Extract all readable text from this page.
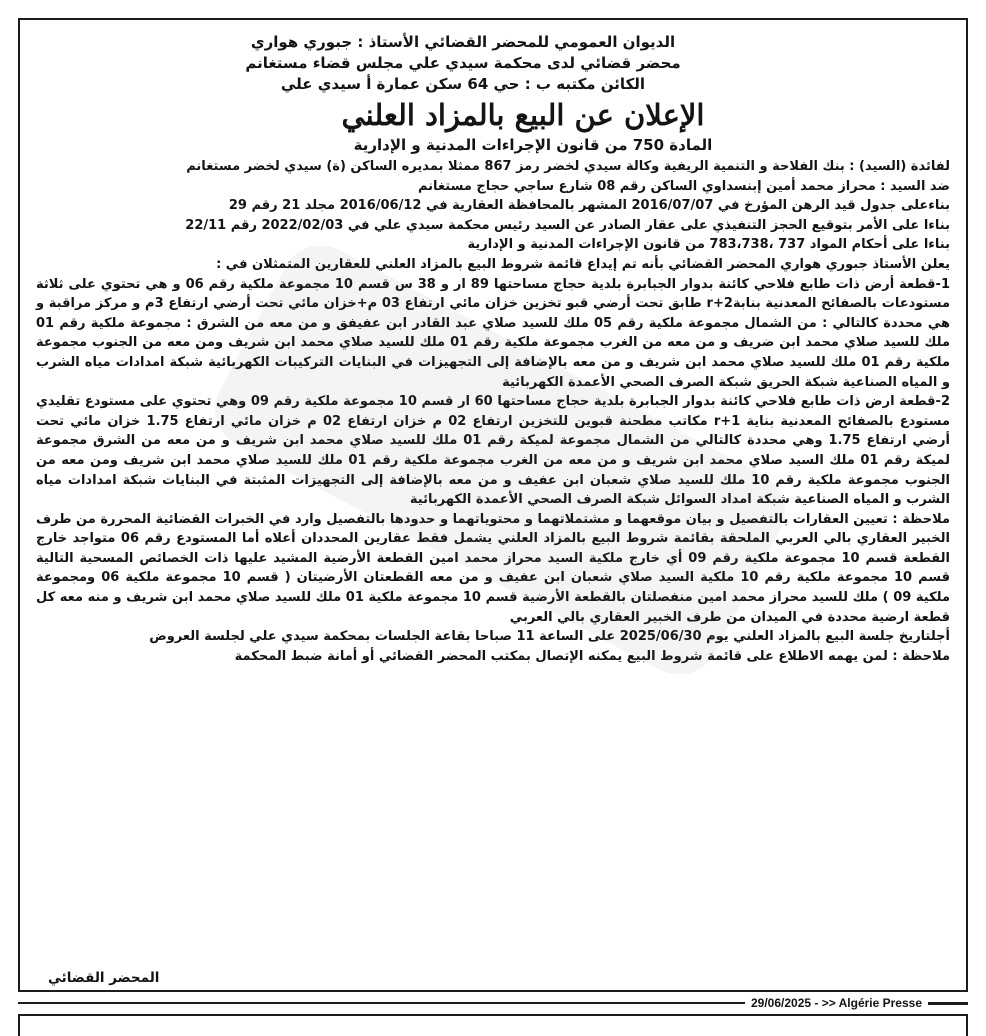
الديوان العمومي للمحضر القضائي الأستاذ : جبوري هواري
محضر قضائي لدى محكمة سيدي علي مجلس قضاء مستغانم
الكائن مكتبه ب : حي 64 سكن عمارة أ سيدي علي
الإعلان عن البيع بالمزاد العلني
المادة 750 من قانون الإجراءات المدنية و الإدارية

لفائدة (السيد) : بنك الفلاحة و التنمية الريفية وكالة سيدي لخضر رمز 867 ممثلا بمديره الساكن (ة) سيدي لخضر مستغانم

ضد السيد : محراز محمد أمين إبنسداوي الساكن رقم 08 شارع ساجي حجاج مستغانم

بناءعلى جدول قيد الرهن المؤرخ في 2016/07/07 المشهر بالمحافظة العقارية في 2016/06/12 مجلد 21 رقم 29

بناءا على الأمر بتوقيع الحجز التنفيذي على عقار الصادر عن السيد رئيس محكمة سيدي علي في 2022/02/03 رقم 22/11

بناءا على أحكام المواد 737 ،783،738 من قانون الإجراءات المدنية و الإدارية

يعلن الأستاذ جبوري هواري المحضر القضائي بأنه تم إيداع قائمة شروط البيع بالمزاد العلني للعقارين المتمثلان في :

1-قطعة أرض ذات طابع فلاحي كائنة بدوار الجبابرة بلدية حجاج مساحتها 89 ار و 38 س قسم 10 مجموعة ملكية رقم 06 و هي تحتوي على ثلاثة مستودعات بالصفائح المعدنية بنابة2+r طابق تحت أرضي قبو تخزين خزان مائي ارتفاع 03 م+خزان مائي تحت أرضي ارتفاع 3م و مركز مراقبة و هي محددة كالتالي : من الشمال مجموعة ملكية رقم 05 ملك للسيد صلاي عبد القادر ابن عفيفق و من معه من الشرق : مجموعة ملكية رقم 01 ملك للسيد صلاي محمد ابن ضريف و من معه من الغرب مجموعة ملكية رقم 01 ملك للسيد صلاي محمد ابن شريف ومن معه من الجنوب مجموعة ملكية رقم 01 ملك للسيد صلاي محمد ابن شريف و من معه بالإضافة إلى التجهيزات في البنايات التركيبات الكهربائية شبكة امدادات مياه الشرب و المياه الصناعية شبكة الحريق شبكة الصرف الصحي الأعمدة الكهربائية

2-قطعة ارض ذات طابع فلاحي كائنة بدوار الجبابرة بلدية حجاج مساحتها 60 ار قسم 10 مجموعة ملكية رقم 09 وهي تحتوي على مستودع تقليدي مستودع بالصفائح المعدنية بناية 1+r مكاتب مطحنة قبوين للتخزين ارتفاع 02 م خزان ارتفاع 02 م خزان مائي ارتفاع 1.75 خزان مائي تحت أرضي ارتفاع 1.75 وهي محددة كالتالي من الشمال مجموعة لميكة رقم 01 ملك للسيد صلاي محمد ابن شريف و من معه من الشرق مجموعة لميكة رقم 01 ملك السيد صلاي محمد ابن شريف و من معه من الغرب مجموعة ملكية رقم 01 ملك للسيد صلاي محمد ابن شريف ومن معه من الجنوب مجموعة ملكية رقم 10 ملك للسيد صلاي شعبان ابن عفيف و من معه بالإضافة إلى التجهيزات المثبتة في البنايات شبكة امدادات مياه الشرب و المياه الصناعية شبكة امداد السوائل شبكة الصرف الصحي الأعمدة الكهربائية

ملاحظة : تعيين العقارات بالتفصيل و بيان موقعهما و مشتملاتهما و محتوياتهما و حدودها بالتفصيل وارد في الخبرات القضائية المحررة من طرف الخبير العقاري بالي العربي الملحقة بقائمة شروط البيع بالمزاد العلني يشمل فقط عقارين المحددان أعلاه أما المستودع رقم 06 متواجد خارج القطعة قسم 10 مجموعة ملكية رقم 09 أي خارج ملكية السيد محراز محمد امين القطعة الأرضية المشيد عليها ذات الخصائص المسحية التالية قسم 10 مجموعة ملكية رقم 10 ملكية السيد صلاي شعبان ابن عفيف و من معه القطعتان الأرضيتان ( قسم 10 مجموعة ملكية 06 ومجموعة ملكية 09 ) ملك للسيد محراز محمد امين منفصلتان بالقطعة الأرضية قسم 10 مجموعة ملكية 01 ملك للسيد صلاي محمد ابن شريف و منه معه كل قطعة ارضية محددة في الميدان من طرف الخبير العقاري بالي العربي

أجلتاريخ جلسة البيع بالمزاد العلني يوم 2025/06/30 على الساعة 11 صباحا بقاعة الجلسات بمحكمة سيدي علي لجلسة العروض

ملاحظة : لمن يهمه الاطلاع على قائمة شروط البيع يمكنه الإتصال بمكتب المحضر القضائي أو أمانة ضبط المحكمة

المحضر القضائي
29/06/2025 - >> Algérie Presse
